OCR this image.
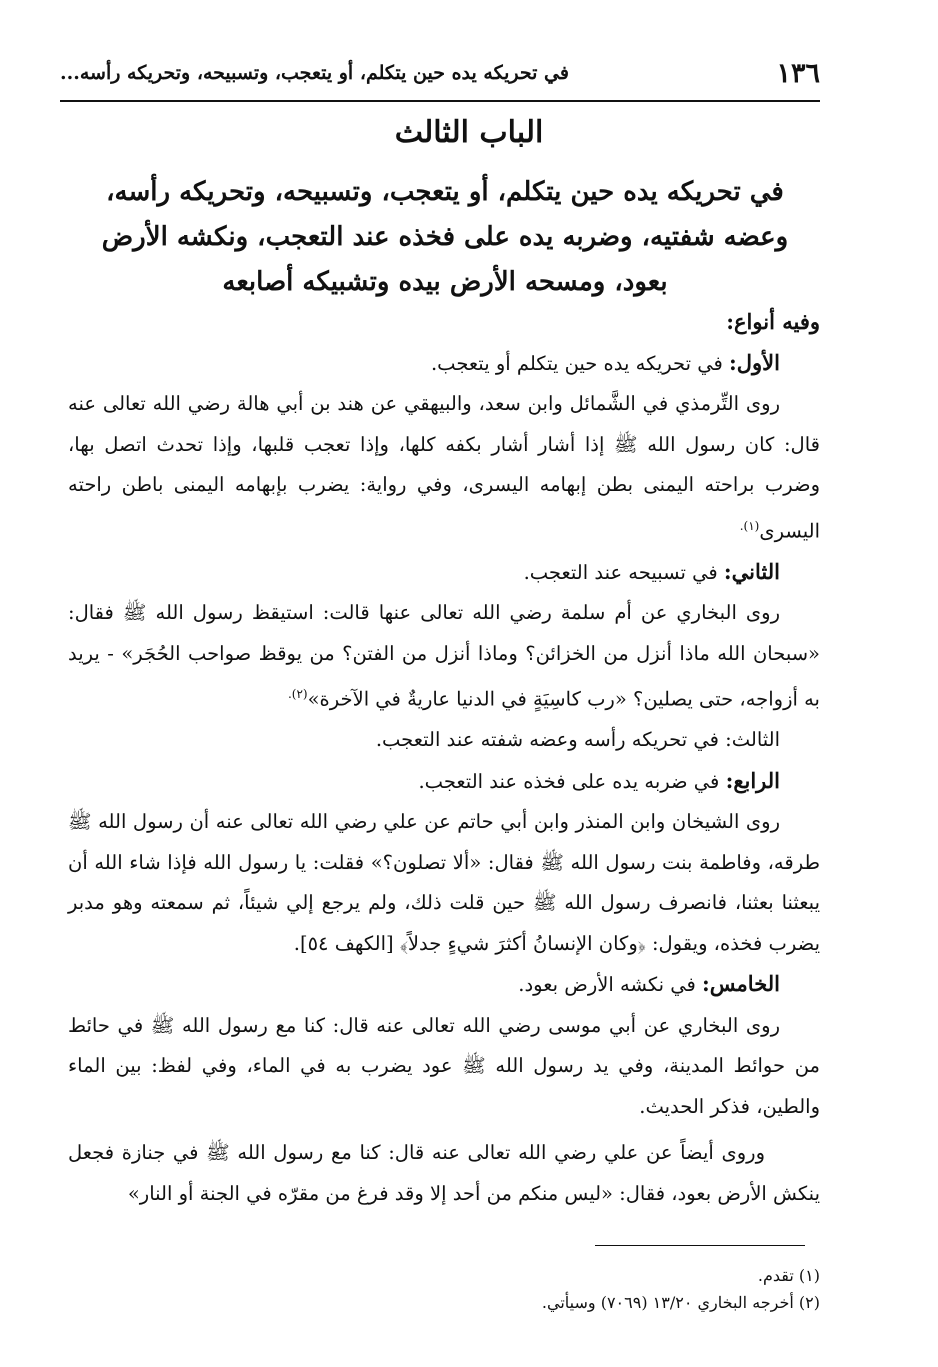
١٣٦
في تحريكه يده حين يتكلم، أو يتعجب، وتسبيحه، وتحريكه رأسه...
الباب الثالث
في تحريكه يده حين يتكلم، أو يتعجب، وتسبيحه، وتحريكه رأسه، وعضه شفتيه، وضربه يده على فخذه عند التعجب، ونكشه الأرض بعود، ومسحه الأرض بيده وتشبيكه أصابعه

وفيه أنواع:

الأول: في تحريكه يده حين يتكلم أو يتعجب.

روى التِّرمذي في الشَّمائل وابن سعد، والبيهقي عن هند بن أبي هالة رضي الله تعالى عنه قال: كان رسول الله ﷺ إذا أشار أشار بكفه كلها، وإذا تعجب قلبها، وإذا تحدث اتصل بها، وضرب براحته اليمنى بطن إبهامه اليسرى، وفي رواية: يضرب بإبهامه اليمنى باطن راحته اليسرى$^{(١).}$

الثاني: في تسبيحه عند التعجب.

روى البخاري عن أم سلمة رضي الله تعالى عنها قالت: استيقظ رسول الله ﷺ فقال: «سبحان الله ماذا أنزل من الخزائن؟ وماذا أنزل من الفتن؟ من يوقظ صواحب الحُجَر» - يريد به أزواجه، حتى يصلين؟ «رب كاسِيَةٍ في الدنيا عاريةٌ في الآخرة»$^{(٢).}$

الثالث: في تحريكه رأسه وعضه شفته عند التعجب.

الرابع: في ضربه يده على فخذه عند التعجب.

روى الشيخان وابن المنذر وابن أبي حاتم عن علي رضي الله تعالى عنه أن رسول الله ﷺ طرقه، وفاطمة بنت رسول الله ﷺ فقال: «ألا تصلون؟» فقلت: يا رسول الله فإذا شاء الله أن يبعثنا بعثنا، فانصرف رسول الله ﷺ حين قلت ذلك، ولم يرجع إلي شيئاً، ثم سمعته وهو مدبر يضرب فخذه، ويقول: ﴿وكان الإنسانُ أكثرَ شيءٍ جدلاً﴾ [الكهف ٥٤].

الخامس: في نكشه الأرض بعود.

روى البخاري عن أبي موسى رضي الله تعالى عنه قال: كنا مع رسول الله ﷺ في حائط من حوائط المدينة، وفي يد رسول الله ﷺ عود يضرب به في الماء، وفي لفظ: بين الماء والطين، فذكر الحديث.

وروى أيضاً عن علي رضي الله تعالى عنه قال: كنا مع رسول الله ﷺ في جنازة فجعل ينكش الأرض بعود، فقال: «ليس منكم من أحد إلا وقد فرغ من مقرّه في الجنة أو النار»

(١) تقدم.

(٢) أخرجه البخاري ١٣/٢٠ (٧٠٦٩) وسيأتي.
